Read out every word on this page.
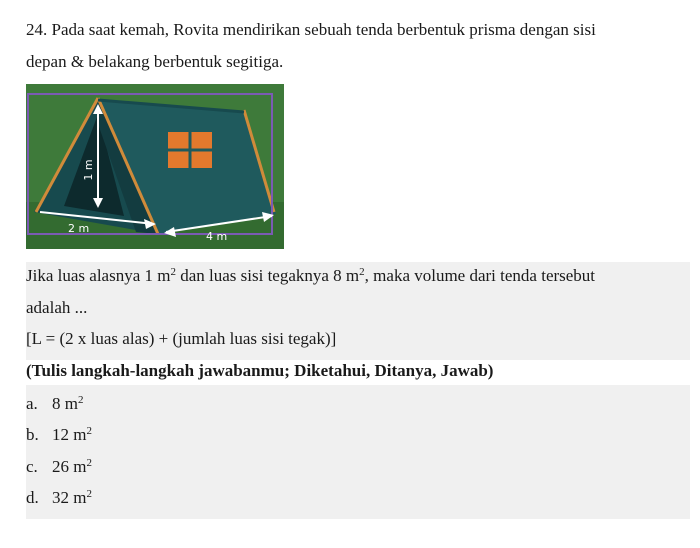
24. Pada saat kemah, Rovita mendirikan sebuah tenda berbentuk prisma dengan sisi
depan & belakang berbentuk segitiga.
1 m
2 m
4 m
Jika luas alasnya 1 $m^2$ dan luas sisi tegaknya 8 $m^2$, maka volume dari tenda tersebut
adalah ...
[L = (2 x luas alas) + (jumlah luas sisi tegak)]
(Tulis langkah-langkah jawabanmu; Diketahui, Ditanya, Jawab)
a. 8 $m^2$
b. 12 $m^2$
c. 26 $m^2$
d. 32 $m^2$
